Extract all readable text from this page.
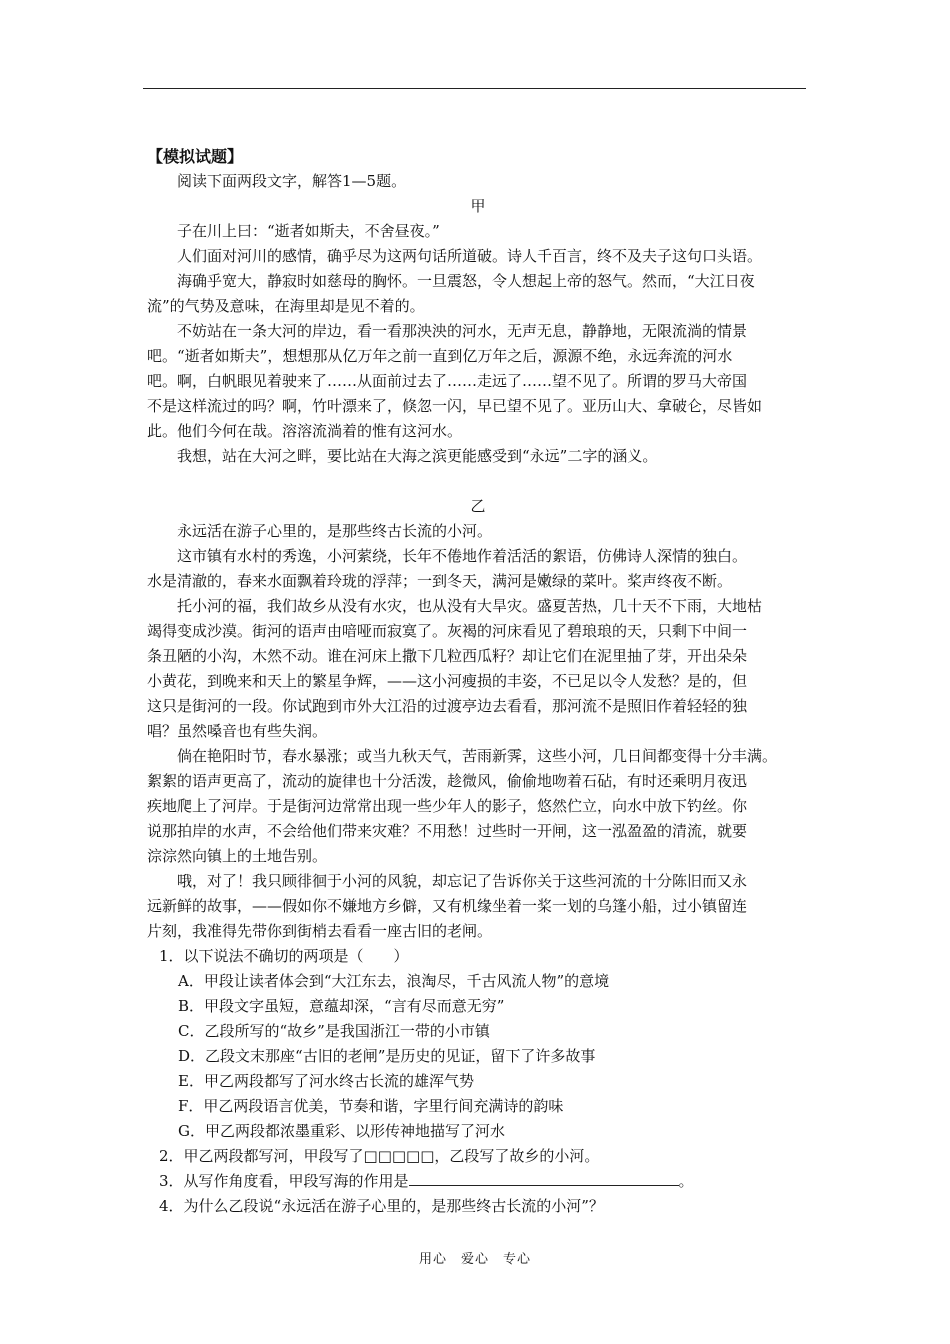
【模拟试题】
阅读下面两段文字，解答1—5题。
甲
子在川上曰：“逝者如斯夫，不舍昼夜。”
人们面对河川的感情，确乎尽为这两句话所道破。诗人千百言，终不及夫子这句口头语。
海确乎宽大，静寂时如慈母的胸怀。一旦震怒，令人想起上帝的怒气。然而，“大江日夜
流”的气势及意味，在海里却是见不着的。
不妨站在一条大河的岸边，看一看那泱泱的河水，无声无息，静静地，无限流淌的情景
吧。“逝者如斯夫”，想想那从亿万年之前一直到亿万年之后，源源不绝，永远奔流的河水
吧。啊，白帆眼见着驶来了……从面前过去了……走远了……望不见了。所谓的罗马大帝国
不是这样流过的吗？啊，竹叶漂来了，倏忽一闪，早已望不见了。亚历山大、拿破仑，尽皆如
此。他们今何在哉。溶溶流淌着的惟有这河水。
我想，站在大河之畔，要比站在大海之滨更能感受到“永远”二字的涵义。
乙
永远活在游子心里的，是那些终古长流的小河。
这市镇有水村的秀逸，小河萦绕，长年不倦地作着活活的絮语，仿佛诗人深情的独白。
水是清澈的，春来水面飘着玲珑的浮萍；一到冬天，满河是嫩绿的菜叶。桨声终夜不断。
托小河的福，我们故乡从没有水灾，也从没有大旱灾。盛夏苦热，几十天不下雨，大地枯
竭得变成沙漠。街河的语声由喑哑而寂寞了。灰褐的河床看见了碧琅琅的天，只剩下中间一
条丑陋的小沟，木然不动。谁在河床上撒下几粒西瓜籽？却让它们在泥里抽了芽，开出朵朵
小黄花，到晚来和天上的繁星争辉，——这小河瘦损的丰姿，不已足以令人发愁？是的，但
这只是街河的一段。你试跑到市外大江沿的过渡亭边去看看，那河流不是照旧作着轻轻的独
唱？虽然嗓音也有些失润。
倘在艳阳时节，春水暴涨；或当九秋天气，苦雨新霁，这些小河，几日间都变得十分丰满。
絮絮的语声更高了，流动的旋律也十分活泼，趁微风，偷偷地吻着石砧，有时还乘明月夜迅
疾地爬上了河岸。于是街河边常常出现一些少年人的影子，悠然伫立，向水中放下钓丝。你
说那拍岸的水声，不会给他们带来灾难？不用愁！过些时一开闸，这一泓盈盈的清流，就要
淙淙然向镇上的土地告别。
哦，对了！我只顾徘徊于小河的风貌，却忘记了告诉你关于这些河流的十分陈旧而又永
远新鲜的故事，——假如你不嫌地方乡僻，又有机缘坐着一桨一划的乌篷小船，过小镇留连
片刻，我准得先带你到街梢去看看一座古旧的老闸。
1．以下说法不确切的两项是（　　）
A．甲段让读者体会到“大江东去，浪淘尽，千古风流人物”的意境
B．甲段文字虽短，意蕴却深，“言有尽而意无穷”
C．乙段所写的“故乡”是我国浙江一带的小市镇
D．乙段文末那座“古旧的老闸”是历史的见证，留下了许多故事
E．甲乙两段都写了河水终古长流的雄浑气势
F．甲乙两段语言优美，节奏和谐，字里行间充满诗的韵味
G．甲乙两段都浓墨重彩、以形传神地描写了河水
2．甲乙两段都写河，甲段写了□□□□□，乙段写了故乡的小河。
3．从写作角度看，甲段写海的作用是	。
4．为什么乙段说“永远活在游子心里的，是那些终古长流的小河”？
用心　爱心　专心
